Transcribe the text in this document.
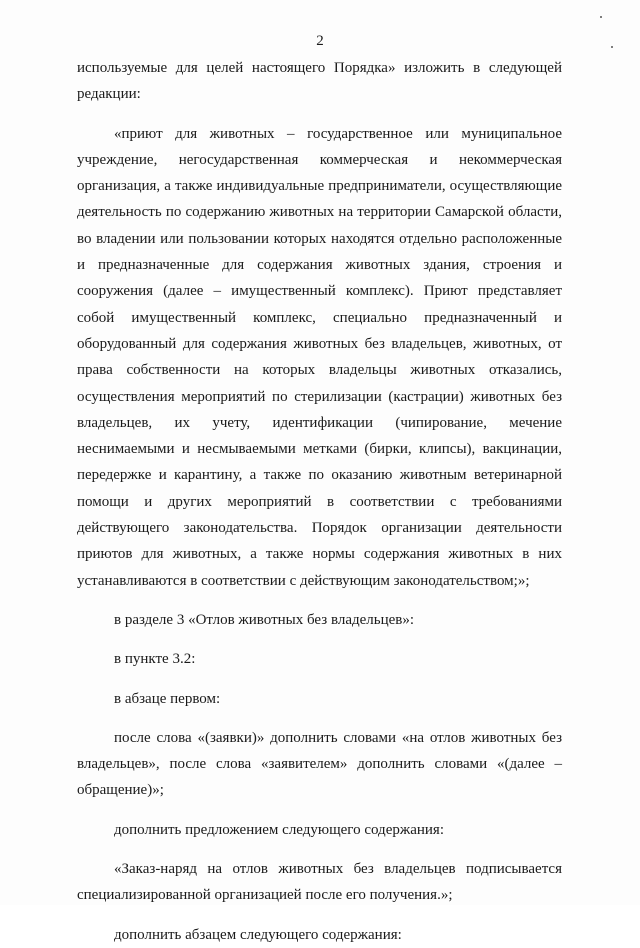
2

используемые для целей настоящего Порядка» изложить в следующей редакции:

«приют для животных – государственное или муниципальное учреждение, негосударственная коммерческая и некоммерческая организация, а также индивидуальные предприниматели, осуществляющие деятельность по содержанию животных на территории Самарской области, во владении или пользовании которых находятся отдельно расположенные и предназначенные для содержания животных здания, строения и сооружения (далее – имущественный комплекс). Приют представляет собой имущественный комплекс, специально предназначенный и оборудованный для содержания животных без владельцев, животных, от права собственности на которых владельцы животных отказались, осуществления мероприятий по стерилизации (кастрации) животных без владельцев, их учету, идентификации (чипирование, мечение неснимаемыми и несмываемыми метками (бирки, клипсы), вакцинации, передержке и карантину, а также по оказанию животным ветеринарной помощи и других мероприятий в соответствии с требованиями действующего законодательства. Порядок организации деятельности приютов для животных, а также нормы содержания животных в них устанавливаются в соответствии с действующим законодательством;»;

в разделе 3 «Отлов животных без владельцев»:

в пункте 3.2:

в абзаце первом:

после слова «(заявки)» дополнить словами «на отлов животных без владельцев», после слова «заявителем» дополнить словами «(далее – обращение)»;

дополнить предложением следующего содержания:

«Заказ-наряд на отлов животных без владельцев подписывается специализированной организацией после его получения.»;

дополнить абзацем следующего содержания:
